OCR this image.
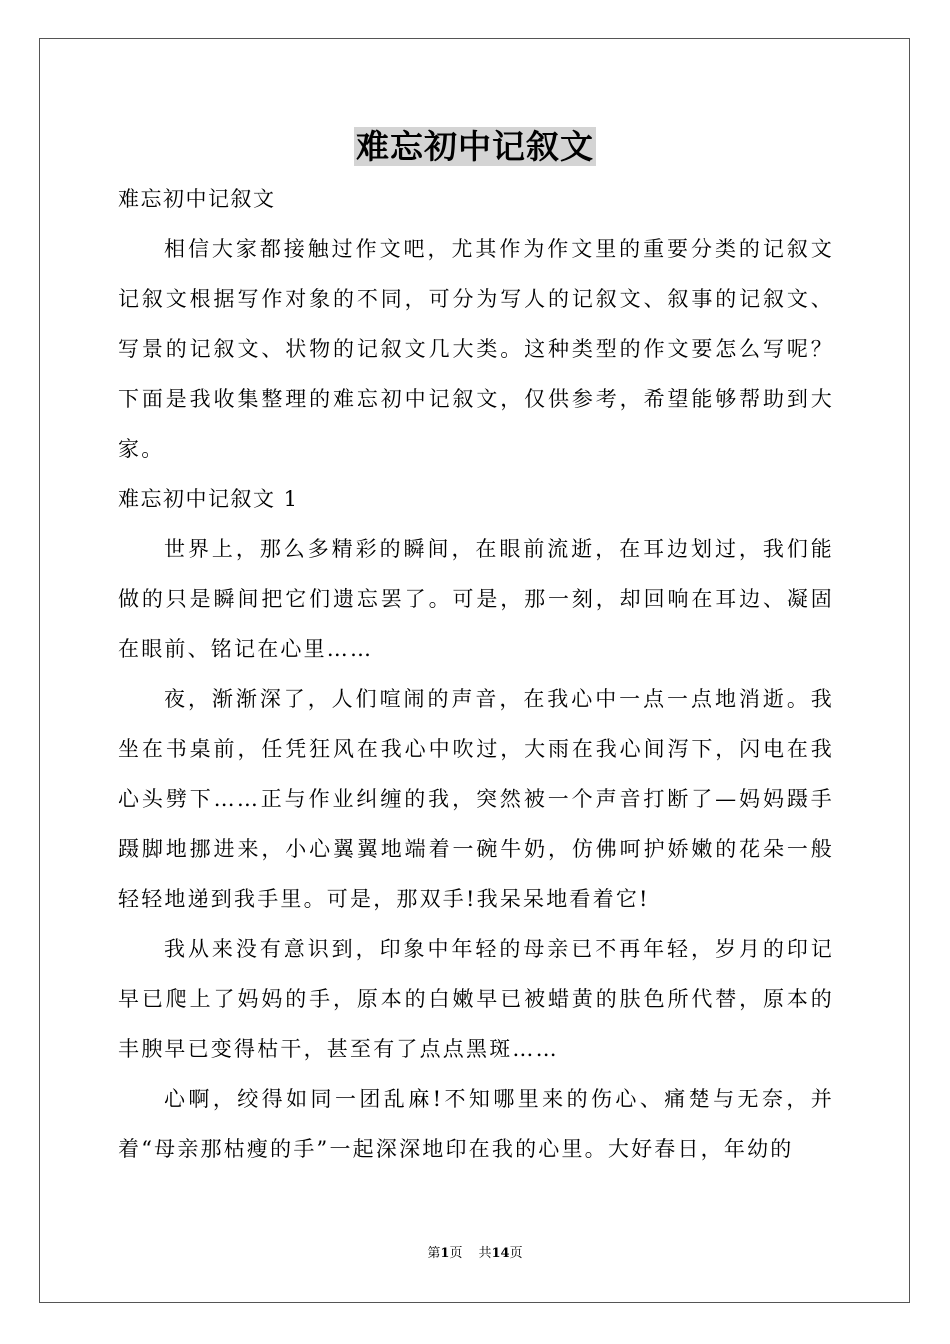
难忘初中记叙文

难忘初中记叙文

相信大家都接触过作文吧，尤其作为作文里的重要分类的记叙文记叙文根据写作对象的不同，可分为写人的记叙文、叙事的记叙文、写景的记叙文、状物的记叙文几大类。这种类型的作文要怎么写呢？下面是我收集整理的难忘初中记叙文，仅供参考，希望能够帮助到大家。

难忘初中记叙文 1

世界上，那么多精彩的瞬间，在眼前流逝，在耳边划过，我们能做的只是瞬间把它们遗忘罢了。可是，那一刻，却回响在耳边、凝固在眼前、铭记在心里……

夜，渐渐深了，人们喧闹的声音，在我心中一点一点地消逝。我坐在书桌前，任凭狂风在我心中吹过，大雨在我心间泻下，闪电在我心头劈下……正与作业纠缠的我，突然被一个声音打断了—妈妈蹑手蹑脚地挪进来，小心翼翼地端着一碗牛奶，仿佛呵护娇嫩的花朵一般轻轻地递到我手里。可是，那双手!我呆呆地看着它!

我从来没有意识到，印象中年轻的母亲已不再年轻，岁月的印记早已爬上了妈妈的手，原本的白嫩早已被蜡黄的肤色所代替，原本的丰腴早已变得枯干，甚至有了点点黑斑……

心啊，绞得如同一团乱麻!不知哪里来的伤心、痛楚与无奈，并着“母亲那枯瘦的手”一起深深地印在我的心里。大好春日，年幼的

第1页 共14页
